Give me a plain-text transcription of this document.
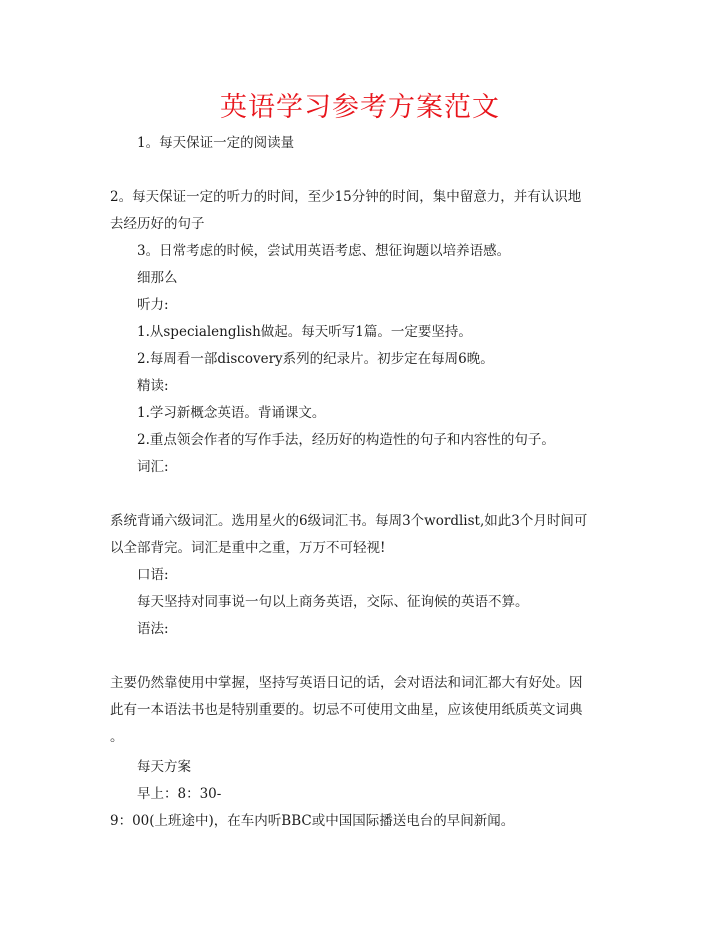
英语学习参考方案范文
1。每天保证一定的阅读量
2。每天保证一定的听力的时间，至少15分钟的时间，集中留意力，并有认识地
去经历好的句子
3。日常考虑的时候，尝试用英语考虑、想征询题以培养语感。
细那么
听力:
1.从specialenglish做起。每天听写1篇。一定要坚持。
2.每周看一部discovery系列的纪录片。初步定在每周6晚。
精读:
1.学习新概念英语。背诵课文。
2.重点领会作者的写作手法，经历好的构造性的句子和内容性的句子。
词汇:
系统背诵六级词汇。选用星火的6级词汇书。每周3个wordlist,如此3个月时间可
以全部背完。词汇是重中之重，万万不可轻视!
口语:
每天坚持对同事说一句以上商务英语，交际、征询候的英语不算。
语法:
主要仍然靠使用中掌握，坚持写英语日记的话，会对语法和词汇都大有好处。因
此有一本语法书也是特别重要的。切忌不可使用文曲星，应该使用纸质英文词典
。
每天方案
早上：8：30-
9：00(上班途中)，在车内听BBC或中国国际播送电台的早间新闻。
